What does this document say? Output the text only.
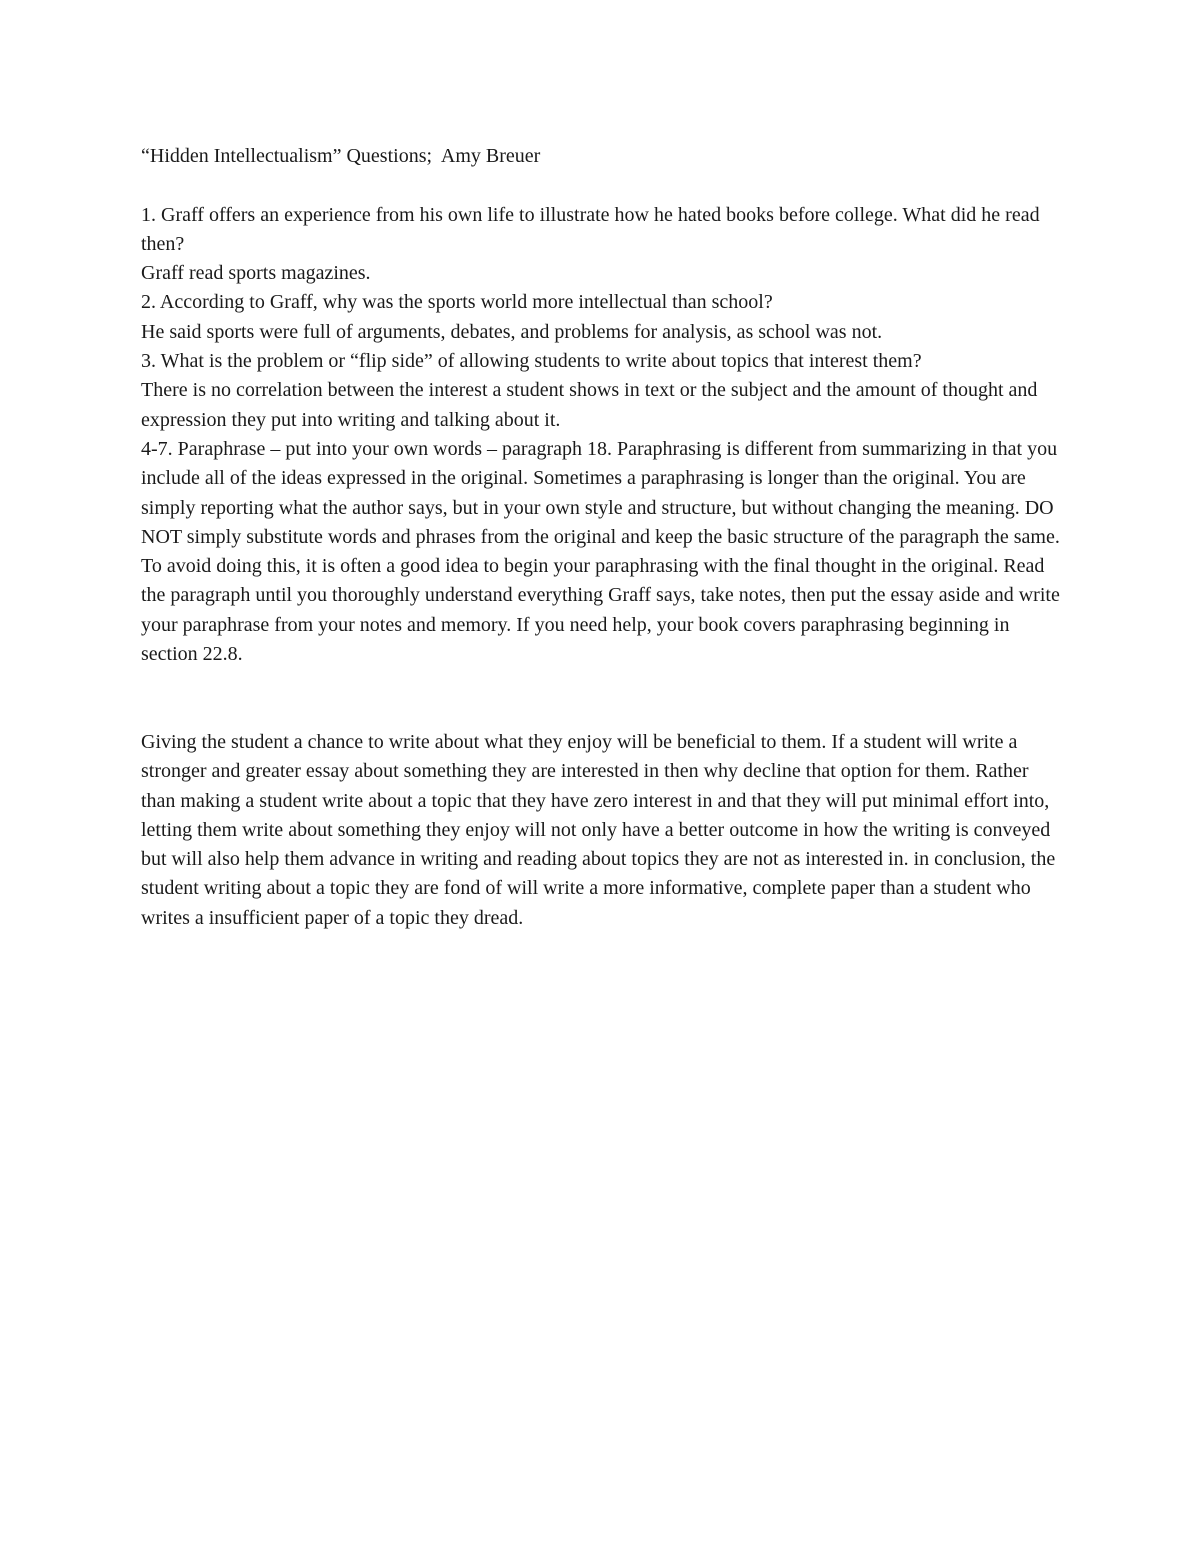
“Hidden Intellectualism” Questions;  Amy Breuer

1. Graff offers an experience from his own life to illustrate how he hated books before college. What did he read then?

Graff read sports magazines.

2. According to Graff, why was the sports world more intellectual than school?

He said sports were full of arguments, debates, and problems for analysis, as school was not.

3. What is the problem or “flip side” of allowing students to write about topics that interest them?

There is no correlation between the interest a student shows in text or the subject and the amount of thought and expression they put into writing and talking about it.

4-7. Paraphrase – put into your own words – paragraph 18. Paraphrasing is different from summarizing in that you include all of the ideas expressed in the original. Sometimes a paraphrasing is longer than the original. You are simply reporting what the author says, but in your own style and structure, but without changing the meaning. DO NOT simply substitute words and phrases from the original and keep the basic structure of the paragraph the same. To avoid doing this, it is often a good idea to begin your paraphrasing with the final thought in the original. Read the paragraph until you thoroughly understand everything Graff says, take notes, then put the essay aside and write your paraphrase from your notes and memory. If you need help, your book covers paraphrasing beginning in section 22.8.

Giving the student a chance to write about what they enjoy will be beneficial to them. If a student will write a stronger and greater essay about something they are interested in then why decline that option for them. Rather than making a student write about a topic that they have zero interest in and that they will put minimal effort into, letting them write about something they enjoy will not only have a better outcome in how the writing is conveyed but will also help them advance in writing and reading about topics they are not as interested in. in conclusion, the student writing about a topic they are fond of will write a more informative, complete paper than a student who writes a insufficient paper of a topic they dread.
